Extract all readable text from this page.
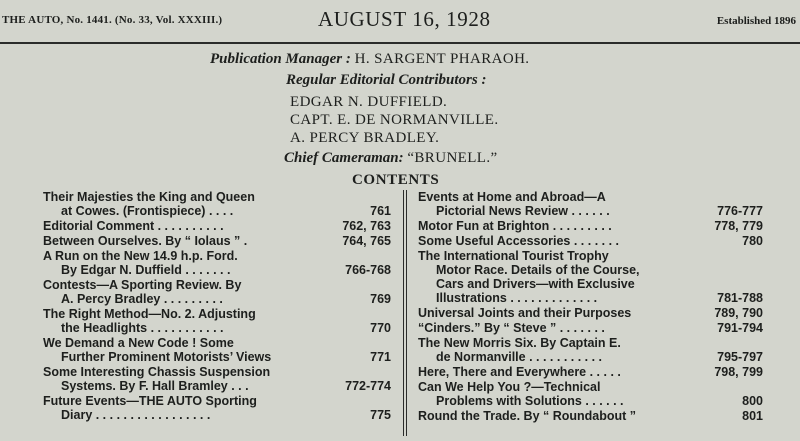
THE AUTO, No. 1441. (No. 33, Vol. XXXIII.)	AUGUST 16, 1928	Established 1896
Publication Manager : H. SARGENT PHARAOH.
Regular Editorial Contributors :
EDGAR N. DUFFIELD.
CAPT. E. DE NORMANVILLE.
A. PERCY BRADLEY.
Chief Cameraman: “BRUNELL.”
CONTENTS
Their Majesties the King and Queen
at Cowes. (Frontispiece) . . . .	761
Editorial Comment . . . . . . . . . .	762, 763
Between Ourselves. By “ Iolaus ” .	764, 765
A Run on the New 14.9 h.p. Ford.
By Edgar N. Duffield . . . . . . .	766-768
Contests—A Sporting Review. By
A. Percy Bradley . . . . . . . . .	769
The Right Method—No. 2. Adjusting
the Headlights . . . . . . . . . . .	770
We Demand a New Code ! Some
Further Prominent Motorists’ Views	771
Some Interesting Chassis Suspension
Systems. By F. Hall Bramley . . .	772-774
Future Events—THE AUTO Sporting
Diary . . . . . . . . . . . . . . . . .	775
Events at Home and Abroad—A
Pictorial News Review . . . . . .	776-777
Motor Fun at Brighton . . . . . . . . .	778, 779
Some Useful Accessories . . . . . . .	780
The International Tourist Trophy
Motor Race. Details of the Course,
Cars and Drivers—with Exclusive
Illustrations . . . . . . . . . . . . .	781-788
Universal Joints and their Purposes	789, 790
“Cinders.” By “ Steve ” . . . . . . .	791-794
The New Morris Six. By Captain E.
de Normanville . . . . . . . . . . .	795-797
Here, There and Everywhere . . . . .	798, 799
Can We Help You ?—Technical
Problems with Solutions . . . . . .	800
Round the Trade. By “ Roundabout ”	801
